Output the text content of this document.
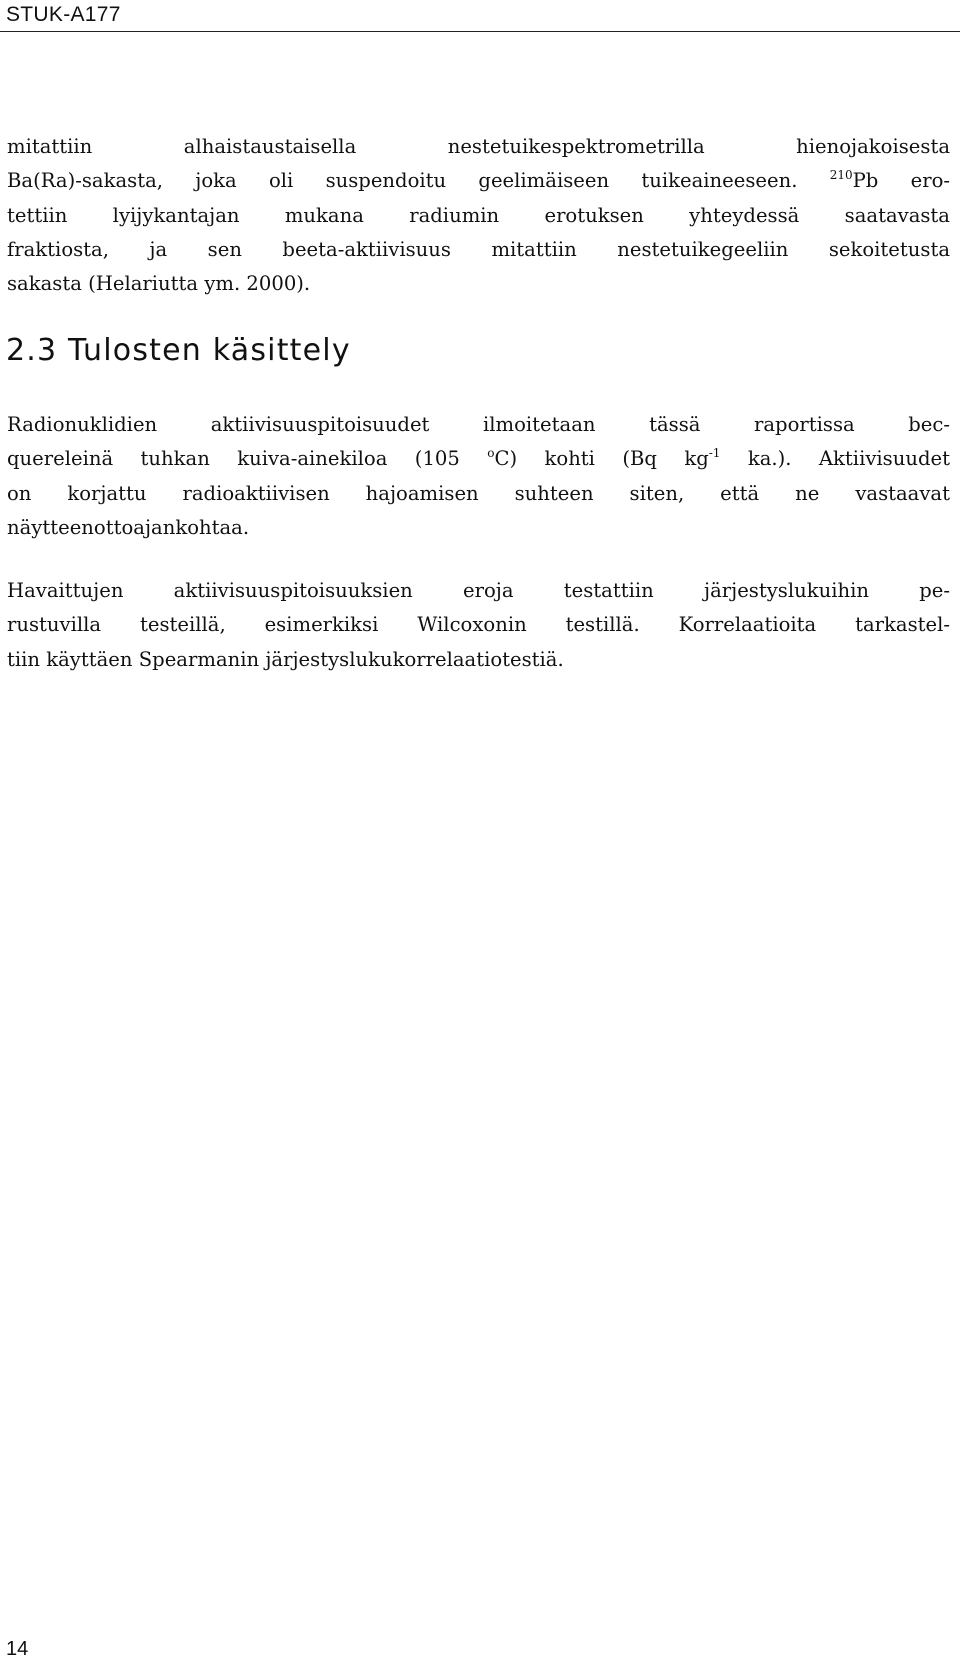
STUK-A177
mitattiin alhaistaustaisella nestetuikespektrometrilla hienojakoisesta
Ba(Ra)-sakasta, joka oli suspendoitu geelimäiseen tuikeaineeseen. $^{210}$Pb ero-
tettiin lyijykantajan mukana radiumin erotuksen yhteydessä saatavasta
fraktiosta, ja sen beeta-aktiivisuus mitattiin nestetuikegeeliin sekoitetusta
sakasta (Helariutta ym. 2000).
2.3 Tulosten käsittely
Radionuklidien aktiivisuuspitoisuudet ilmoitetaan tässä raportissa bec-
quereleinä tuhkan kuiva-ainekiloa (105 $^o$C) kohti (Bq $kg^{-1}$ ka.). Aktiivisuudet
on korjattu radioaktiivisen hajoamisen suhteen siten, että ne vastaavat
näytteenottoajankohtaa.
Havaittujen aktiivisuuspitoisuuksien eroja testattiin järjestyslukuihin pe-
rustuvilla testeillä, esimerkiksi Wilcoxonin testillä. Korrelaatioita tarkastel-
tiin käyttäen Spearmanin järjestyslukukorrelaatiotestiä.
14
